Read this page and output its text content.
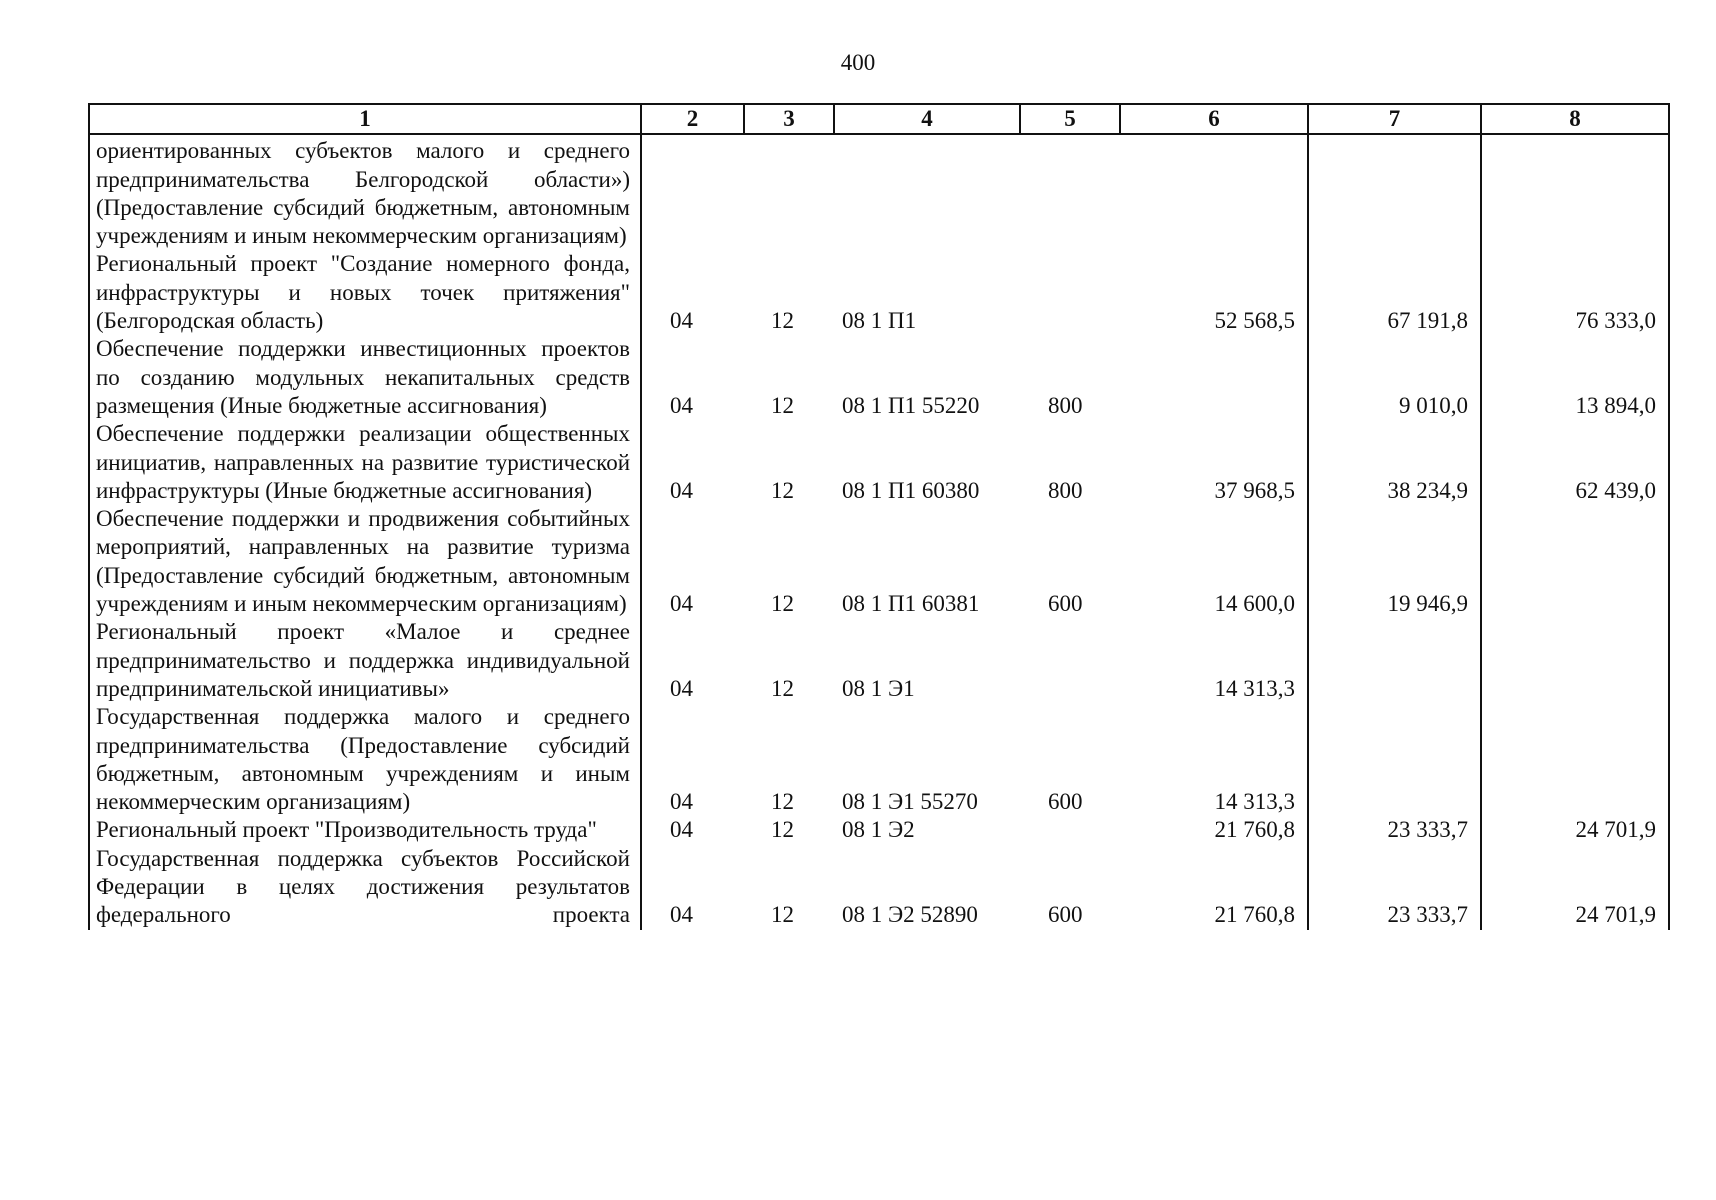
400
1	2	3	4	5	6	7	8
ориентированных субъектов малого и среднего предпринимательства Белгородской области») (Предоставление субсидий бюджетным, автономным учреждениям и иным некоммерческим организациям)							
Региональный проект "Создание номерного фонда, инфраструктуры и новых точек притяжения" (Белгородская область)	04	12	08 1 П1		52 568,5	67 191,8	76 333,0
Обеспечение поддержки инвестиционных проектов по созданию модульных некапитальных средств размещения (Иные бюджетные ассигнования)	04	12	08 1 П1 55220	800		9 010,0	13 894,0
Обеспечение поддержки реализации общественных инициатив, направленных на развитие туристической инфраструктуры (Иные бюджетные ассигнования)	04	12	08 1 П1 60380	800	37 968,5	38 234,9	62 439,0
Обеспечение поддержки и продвижения событийных мероприятий, направленных на развитие туризма (Предоставление субсидий бюджетным, автономным учреждениям и иным некоммерческим организациям)	04	12	08 1 П1 60381	600	14 600,0	19 946,9	
Региональный проект «Малое и среднее предпринимательство и поддержка индивидуальной предпринимательской инициативы»	04	12	08 1 Э1		14 313,3		
Государственная поддержка малого и среднего предпринимательства (Предоставление субсидий бюджетным, автономным учреждениям и иным некоммерческим организациям)	04	12	08 1 Э1 55270	600	14 313,3		
Региональный проект "Производительность труда"	04	12	08 1 Э2		21 760,8	23 333,7	24 701,9
Государственная поддержка субъектов Российской Федерации в целях достижения результатов федерального проекта	04	12	08 1 Э2 52890	600	21 760,8	23 333,7	24 701,9
